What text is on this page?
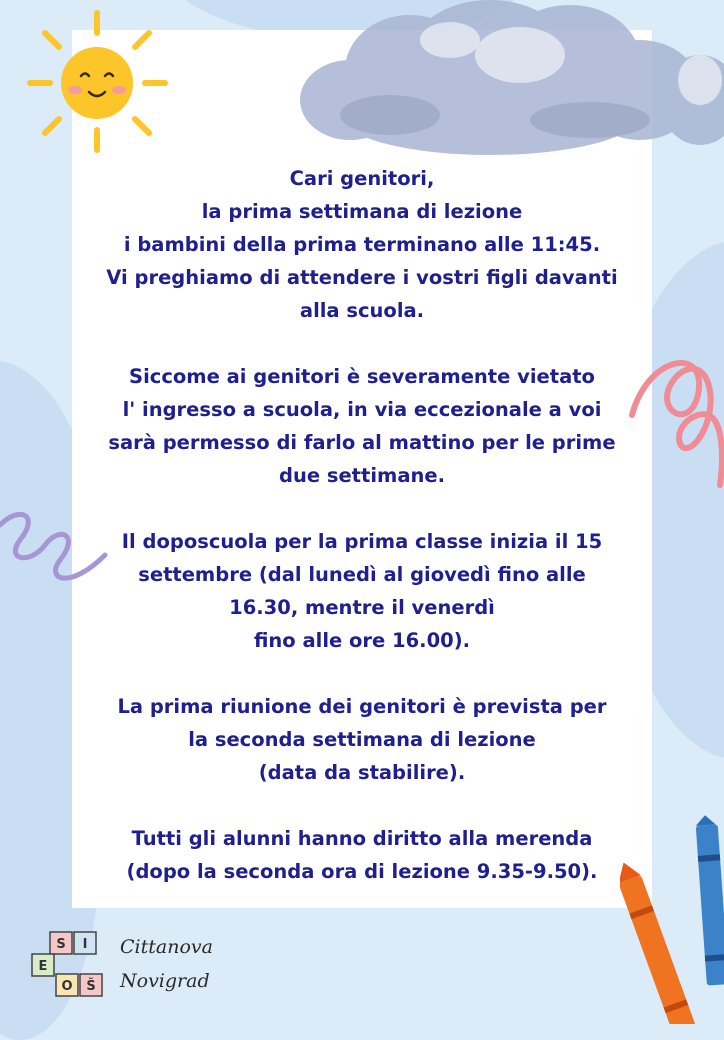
Cari genitori,
la prima settimana di lezione
i bambini della prima terminano alle 11:45.
Vi preghiamo di attendere i vostri figli davanti
alla scuola.
Siccome ai genitori è severamente vietato
l' ingresso a scuola, in via eccezionale a voi
sarà permesso di farlo al mattino per le prime
due settimane.
Il doposcuola per la prima classe inizia il 15
settembre (dal lunedì al giovedì fino alle
16.30, mentre il venerdì
fino alle ore 16.00).
La prima riunione dei genitori è prevista per
la seconda settimana di lezione
(data da stabilire).
Tutti gli alunni hanno diritto alla merenda
(dopo la seconda ora di lezione 9.35-9.50).
S I
E
O Š
Cittanova
Novigrad
